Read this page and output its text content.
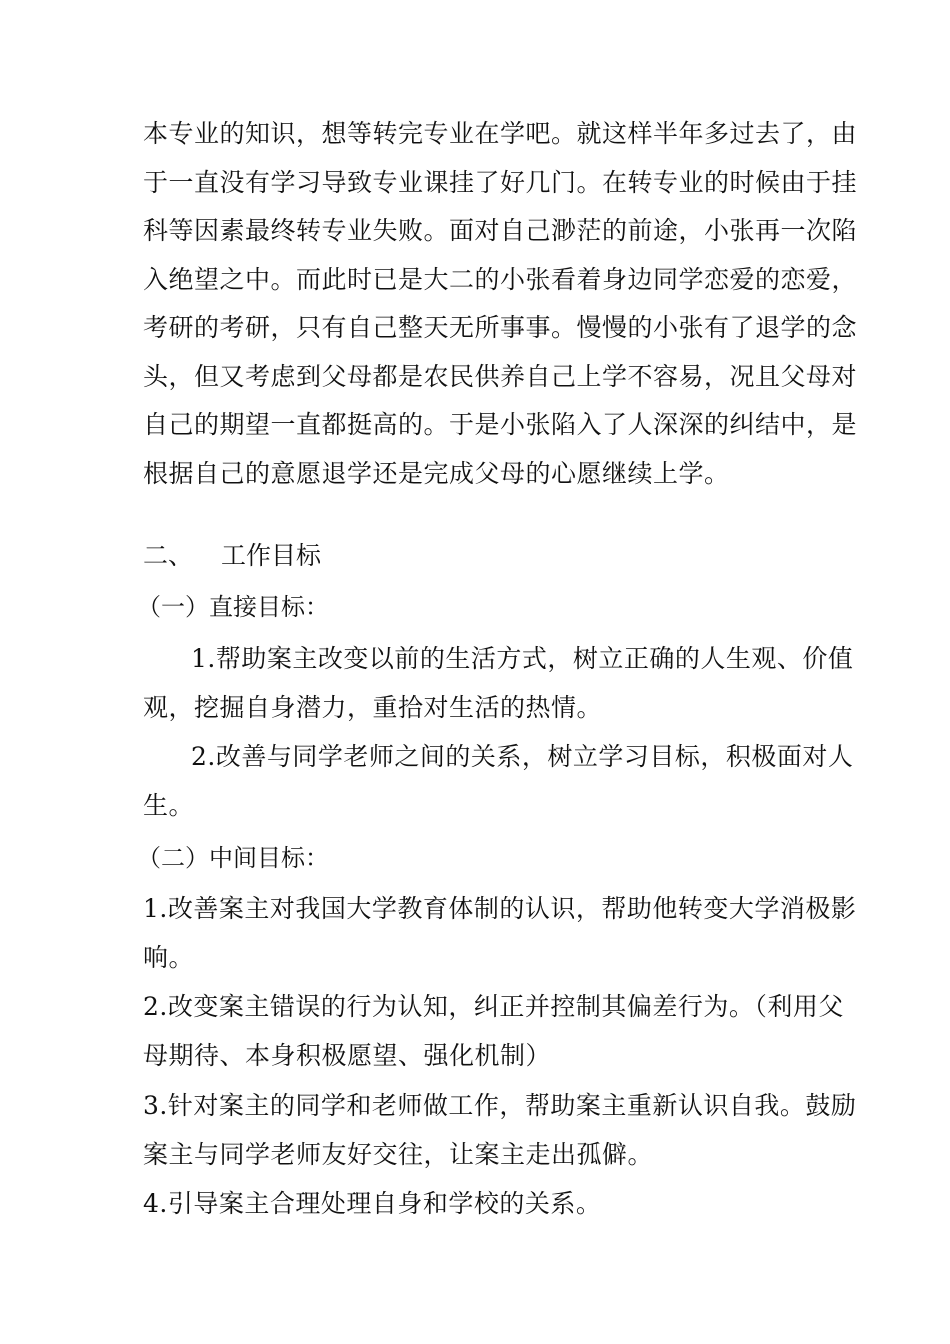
本专业的知识，想等转完专业在学吧。就这样半年多过去了，由
于一直没有学习导致专业课挂了好几门。在转专业的时候由于挂
科等因素最终转专业失败。面对自己渺茫的前途，小张再一次陷
入绝望之中。而此时已是大二的小张看着身边同学恋爱的恋爱，
考研的考研，只有自己整天无所事事。慢慢的小张有了退学的念
头，但又考虑到父母都是农民供养自己上学不容易，况且父母对
自己的期望一直都挺高的。于是小张陷入了人深深的纠结中，是
根据自己的意愿退学还是完成父母的心愿继续上学。
二、 工作目标
（一）直接目标：
1.帮助案主改变以前的生活方式，树立正确的人生观、价值
观，挖掘自身潜力，重拾对生活的热情。
2.改善与同学老师之间的关系，树立学习目标，积极面对人
生。
（二）中间目标：
1.改善案主对我国大学教育体制的认识，帮助他转变大学消极影
响。
2.改变案主错误的行为认知，纠正并控制其偏差行为。（利用父
母期待、本身积极愿望、强化机制）
3.针对案主的同学和老师做工作，帮助案主重新认识自我。鼓励
案主与同学老师友好交往，让案主走出孤僻。
4.引导案主合理处理自身和学校的关系。
